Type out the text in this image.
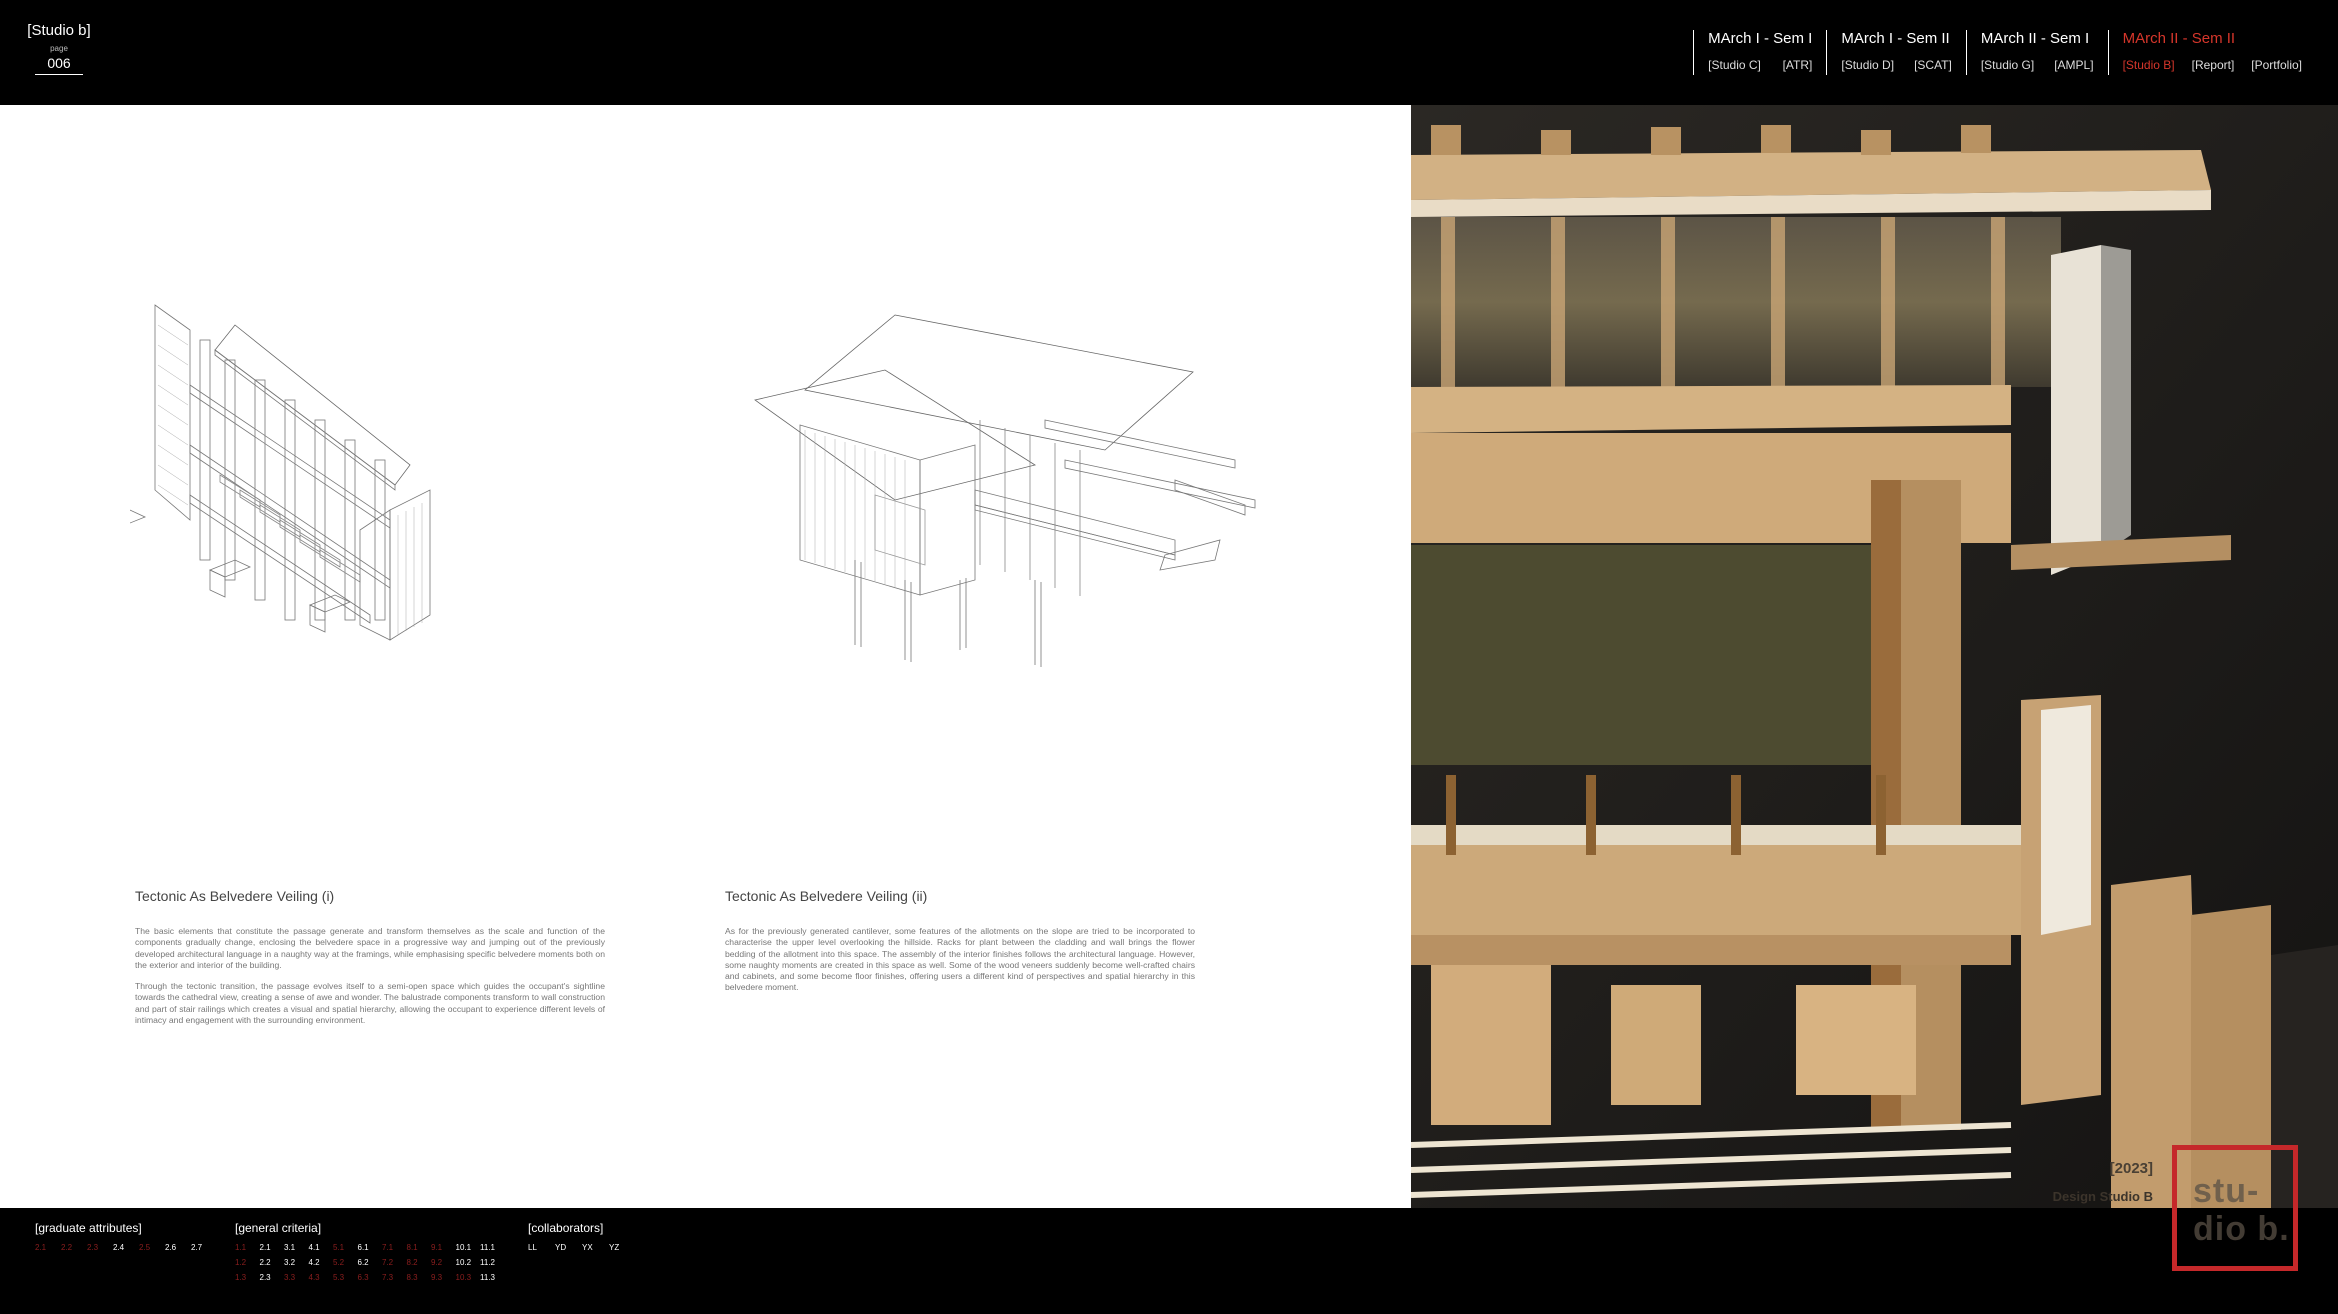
[Studio b]
page
006
MArch I - Sem I
[Studio C] [ATR]
MArch I - Sem II
[Studio D] [SCAT]
MArch II - Sem I
[Studio G] [AMPL]
MArch II - Sem II
[Studio B] [Report] [Portfolio]
Tectonic As Belvedere Veiling (i)

The basic elements that constitute the passage generate and transform themselves as the scale and function of the components gradually change, enclosing the belvedere space in a progressive way and jumping out of the previously developed architectural language in a naughty way at the framings, while emphasising specific belvedere moments both on the exterior and interior of the building.

Through the tectonic transition, the passage evolves itself to a semi-open space which guides the occupant's sightline towards the cathedral view, creating a sense of awe and wonder. The balustrade components transform to wall construction and part of stair railings which creates a visual and spatial hierarchy, allowing the occupant to experience different levels of intimacy and engagement with the surrounding environment.

Tectonic As Belvedere Veiling (ii)

As for the previously generated cantilever, some features of the allotments on the slope are tried to be incorporated to characterise the upper level overlooking the hillside. Racks for plant between the cladding and wall brings the flower bedding of the allotment into this space. The assembly of the interior finishes follows the architectural language. However, some naughty moments are created in this space as well. Some of the wood veneers suddenly become well-crafted chairs and cabinets, and some become floor finishes, offering users a different kind of perspectives and spatial hierarchy in this belvedere moment.

[2023]
Design Studio B
[graduate attributes]
2.1	2.2	2.3	2.4	2.5	2.6	2.7
[general criteria]
1.1	2.1	3.1	4.1	5.1	6.1	7.1	8.1	9.1	10.1	11.1
1.2	2.2	3.2	4.2	5.2	6.2	7.2	8.2	9.2	10.2	11.2
1.3	2.3	3.3	4.3	5.3	6.3	7.3	8.3	9.3	10.3	11.3
[collaborators]
LL	YD	YX	YZ
stu-
dio b.
